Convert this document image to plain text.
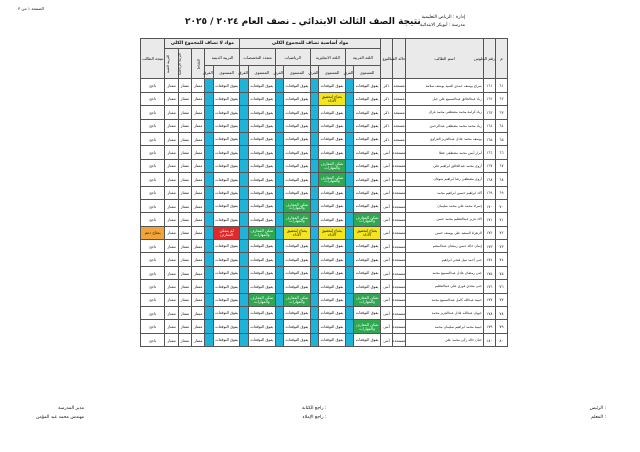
الصفحة ١ من ٣
إدارة : الرياض التعليمية
مدرسة : أبوبكر الابتدائية
نتيجة الصف الثالث الابتدائي ـ نصف العام ٢٠٢٤ / ٢٠٢٥
م	رقم الجلوس	اسم الطالب	حالة القيد	النوع	مواد أساسية تضاف للمجموع الكلي								مواد لا تضاف للمجموع الكلي					نتيجة الطالب
					اللغة العربية		اللغة الانجليزية		الرياضيات		متعدد التخصصات		التربية الدينية		النشاط	التربية الرياضية	التربية الفنية	
					المستوى	الفرق	المستوى	الفرق	المستوى	الفرق	المستوى	الفرق	المستوى	الفرق				
٦١	١٦١	سراج يوسف حمدي السيد يوسف سلامة	مستجد	ذكر	يفوق التوقعات		يفوق التوقعات		يفوق التوقعات		يفوق التوقعات		يفوق التوقعات		ممتاز	ممتاز	ممتاز	ناجح
٦٢	١٦٢	زياد عبدالخالق عبدالسميع علي جبل	مستجد	ذكر	يفوق التوقعات		يحتاج لتحقيق الأداء		يفوق التوقعات		يفوق التوقعات		يفوق التوقعات		ممتاز	ممتاز	ممتاز	ناجح
٦٣	١٦٣	زياد كرامة محمد مصطفى محمد غزال	مستجد	ذكر	يفوق التوقعات		يفوق التوقعات		يفوق التوقعات		يفوق التوقعات		يفوق التوقعات		ممتاز	ممتاز	ممتاز	ناجح
٦٤	١٦٤	زياد محمد محمد مصطفى عبدالرحمن	مستجد	ذكر	يفوق التوقعات		يفوق التوقعات		يفوق التوقعات		يفوق التوقعات		يفوق التوقعات		ممتاز	ممتاز	ممتاز	ناجح
٦٥	١٦٥	يوسف محمد عادل عبدالعزيز العزاوي	مستجد	ذكر	يفوق التوقعات		يفوق التوقعات		يفوق التوقعات		يفوق التوقعات		يفوق التوقعات		ممتاز	ممتاز	ممتاز	ناجح
٦٦	١٦٦	أبرار أيمن محمد مصطفى عطا	مستجدة	أنثى	يفوق التوقعات		يفوق التوقعات		يفوق التوقعات		يفوق التوقعات		يفوق التوقعات		ممتاز	ممتاز	ممتاز	ناجح
٦٧	١٦٧	أروى محمد عبدالخالق ابراهيم علي	مستجدة	أنثى	يفوق التوقعات		تمكن المعارف والمهارات		يفوق التوقعات		يفوق التوقعات		يفوق التوقعات		ممتاز	ممتاز	ممتاز	ناجح
٦٨	١٦٨	أروى مصطفى رضا ابراهيم شوقان	مستجدة	أنثى	يفوق التوقعات		تمكن المعارف والمهارات		يفوق التوقعات		يفوق التوقعات		يفوق التوقعات		ممتاز	ممتاز	ممتاز	ناجح
٦٩	١٦٩	آلاء ابراهيم حسين ابراهيم محمد	مستجدة	أنثى	يفوق التوقعات		يفوق التوقعات		يفوق التوقعات		يفوق التوقعات		يفوق التوقعات		ممتاز	ممتاز	ممتاز	ناجح
٧٠	١٧٠	إسراء محمد علي محمد سليمان	مستجدة	أنثى	يفوق التوقعات		يفوق التوقعات		تمكن المعارف والمهارات		يفوق التوقعات		يفوق التوقعات		ممتاز	ممتاز	ممتاز	ناجح
٧١	١٧١	الاء عزيز عبدالعظيم محمد حسن	مستجدة	أنثى	تمكن المعارف والمهارات		يفوق التوقعات		تمكن المعارف والمهارات		يفوق التوقعات		يفوق التوقعات		ممتاز	ممتاز	ممتاز	ناجح
٧٢	١٧٢	الزهراء السعيد علي يوسف حسن	مستجدة	أنثى	يحتاج لتحقيق الأداء		يحتاج لتحقيق الأداء		يحتاج لتحقيق الأداء		تمكن المعارف والمهارات		لم يتمكن المعارف		ممتاز	ممتاز	ممتاز	يحتاج دعم
٧٣	١٧٣	إيمان خالد حسن رمضان عبدالمنعم	مستجدة	أنثى	يفوق التوقعات		يفوق التوقعات		يفوق التوقعات		يفوق التوقعات		يفوق التوقعات		ممتاز	ممتاز	ممتاز	ناجح
٧٤	١٧٤	جنى أحمد نبيل فتحي ابراهيم	مستجدة	أنثى	يفوق التوقعات		يفوق التوقعات		يفوق التوقعات		يفوق التوقعات		يفوق التوقعات		ممتاز	ممتاز	ممتاز	ناجح
٧٥	١٧٥	جنى رمضان عادل عبدالسميع محمد	مستجدة	أنثى	يفوق التوقعات		يفوق التوقعات		يفوق التوقعات		يفوق التوقعات		يفوق التوقعات		ممتاز	ممتاز	ممتاز	ناجح
٧٦	١٧٦	جنى مجدي فوزي علي عبدالعظيم	مستجدة	أنثى	يفوق التوقعات		يفوق التوقعات		يفوق التوقعات		يفوق التوقعات		يفوق التوقعات		ممتاز	ممتاز	ممتاز	ناجح
٧٧	١٧٧	حبيبة عبدالله كامل عبدالسميع محمد	مستجدة	أنثى	تمكن المعارف والمهارات		يفوق التوقعات		تمكن المعارف والمهارات		تمكن المعارف والمهارات		يفوق التوقعات		ممتاز	ممتاز	ممتاز	ناجح
٧٨	١٧٨	جيهان عبدالله عادل عبدالعزيز محمد	مستجدة	أنثى	يفوق التوقعات		يفوق التوقعات		يفوق التوقعات		يفوق التوقعات		يفوق التوقعات		ممتاز	ممتاز	ممتاز	ناجح
٧٩	١٧٩	حبيبة محمد ابراهيم سليمان محمد	مستجدة	أنثى	تمكن المعارف والمهارات		يفوق التوقعات		يفوق التوقعات		يفوق التوقعات		يفوق التوقعات		ممتاز	ممتاز	ممتاز	ناجح
٨٠	١٨٠	حنان خالد زكي محمد علي	مستجدة	أنثى	يفوق التوقعات		يفوق التوقعات		يفوق التوقعات		يفوق التوقعات		يفوق التوقعات		ممتاز	ممتاز	ممتاز	ناجح
الرئيس :
المعلم :
راجع الكتابة :
راجع الإملاء :
مدير المدرسة
مهندس محمد عبد المؤمن
